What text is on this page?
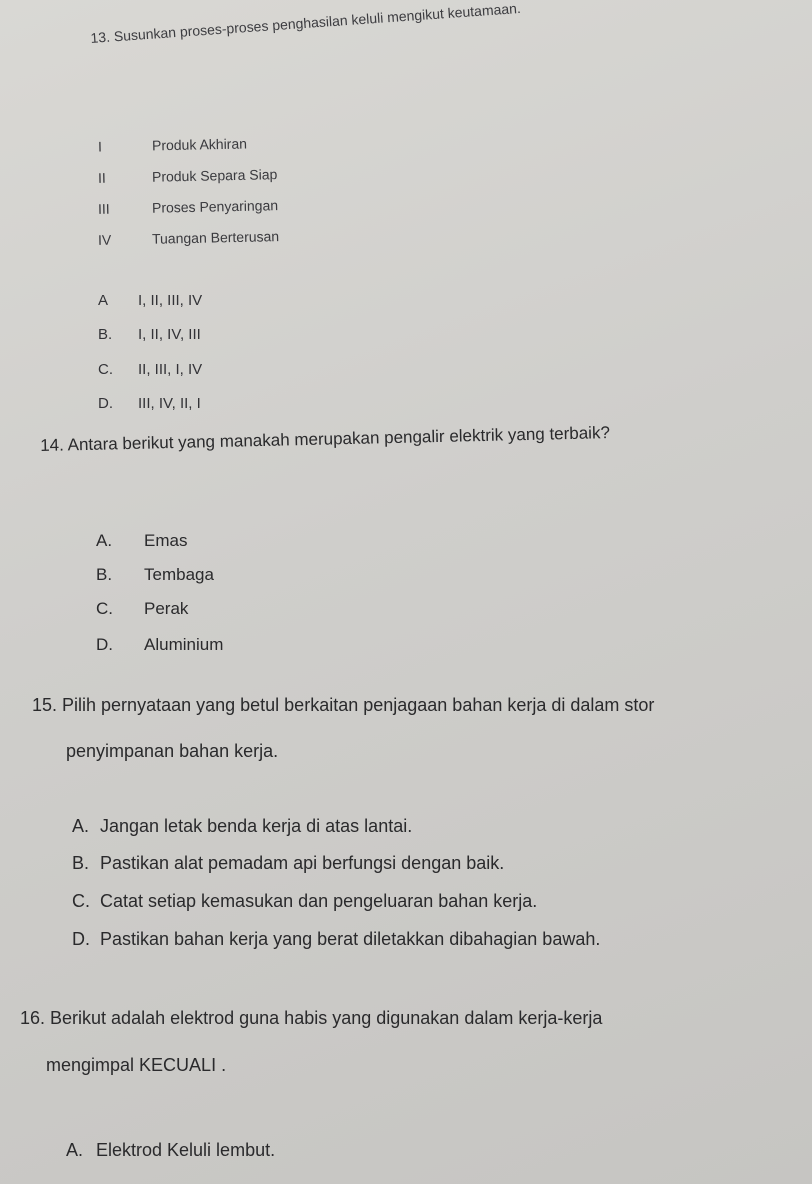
13. Susunkan proses-proses penghasilan keluli mengikut keutamaan.
I	Produk Akhiran
II	Produk Separa Siap
III	Proses Penyaringan
IV	Tuangan Berterusan
A	I, II, III, IV
B.	I, II, IV, III
C.	II, III, I, IV
D.	III, IV, II, I
14. Antara berikut yang manakah merupakan pengalir elektrik yang terbaik?
A.	Emas
B.	Tembaga
C.	Perak
D.	Aluminium
15. Pilih pernyataan yang betul berkaitan penjagaan bahan kerja di dalam stor
penyimpanan bahan kerja.
A. Jangan letak benda kerja di atas lantai.
B. Pastikan alat pemadam api berfungsi dengan baik.
C. Catat setiap kemasukan dan pengeluaran bahan kerja.
D. Pastikan bahan kerja yang berat diletakkan dibahagian bawah.
16. Berikut adalah elektrod guna habis yang digunakan dalam kerja-kerja
mengimpal KECUALI .
A. Elektrod Keluli lembut.
